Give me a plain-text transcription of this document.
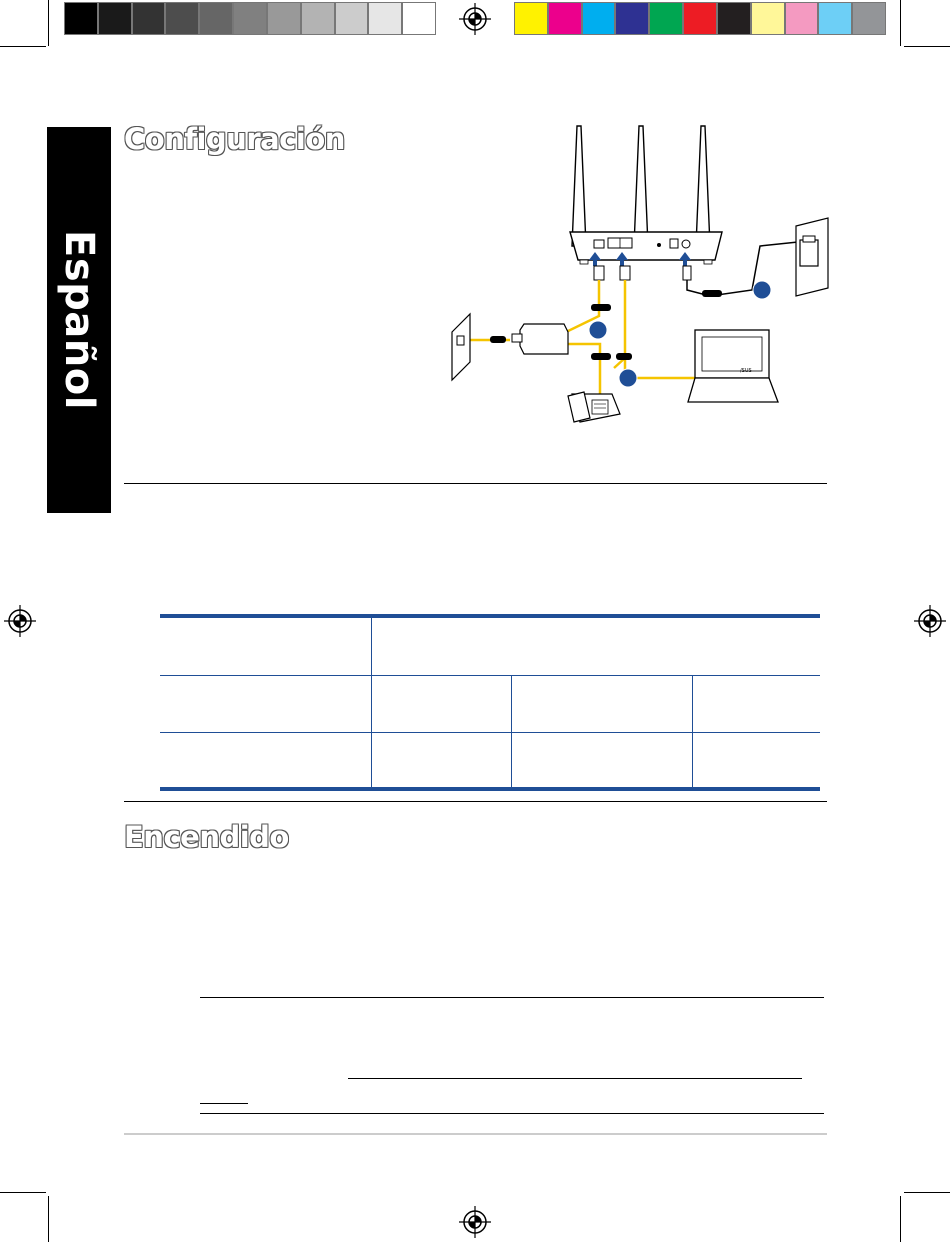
Español
Configuración
/SUS
Encendido
